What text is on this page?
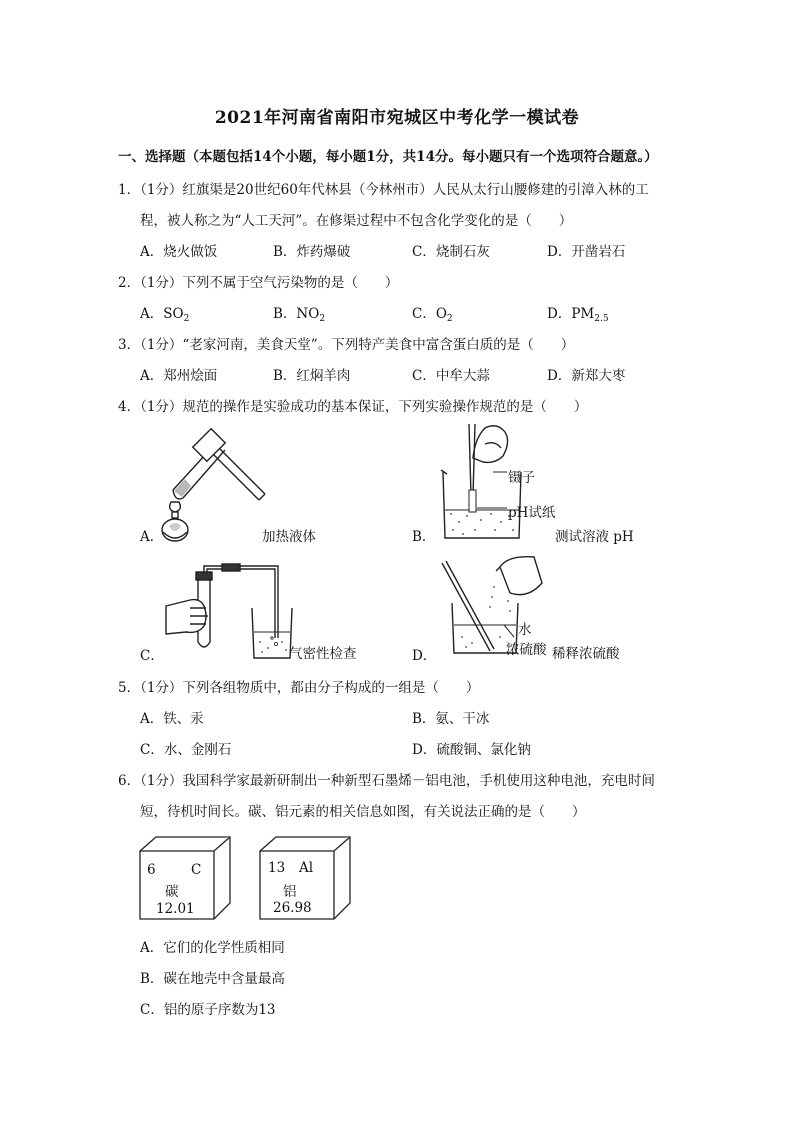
2021年河南省南阳市宛城区中考化学一模试卷
一、选择题（本题包括14个小题，每小题1分，共14分。每小题只有一个选项符合题意。）
1．（1分）红旗渠是20世纪60年代林县（今林州市）人民从太行山腰修建的引漳入林的工
程，被人称之为“人工天河”。在修渠过程中不包含化学变化的是（　　）
A．烧火做饭	B．炸药爆破	C．烧制石灰	D．开凿岩石
2．（1分）下列不属于空气污染物的是（　　）
A．$SO_2$	B．$NO_2$	C．$O_2$	D．$PM_{2.5}$
3．（1分）“老家河南，美食天堂”。下列特产美食中富含蛋白质的是（　　）
A．郑州烩面	B．红焖羊肉	C．中牟大蒜	D．新郑大枣
4．（1分）规范的操作是实验成功的基本保证，下列实验操作规范的是（　　）
A．	加热液体
镊子
pH试纸
B．	测试溶液 pH
C．	气密性检查
水
浓硫酸
D．	稀释浓硫酸
5．（1分）下列各组物质中，都由分子构成的一组是（　　）
A．铁、汞	B．氨、干冰
C．水、金刚石	D．硫酸铜、氯化钠
6．（1分）我国科学家最新研制出一种新型石墨烯－铝电池，手机使用这种电池，充电时间
短，待机时间长。碳、铝元素的相关信息如图，有关说法正确的是（　　）
6	C
碳
12.01
13 Al
铝
26.98
A．它们的化学性质相同
B．碳在地壳中含量最高
C．铝的原子序数为13
